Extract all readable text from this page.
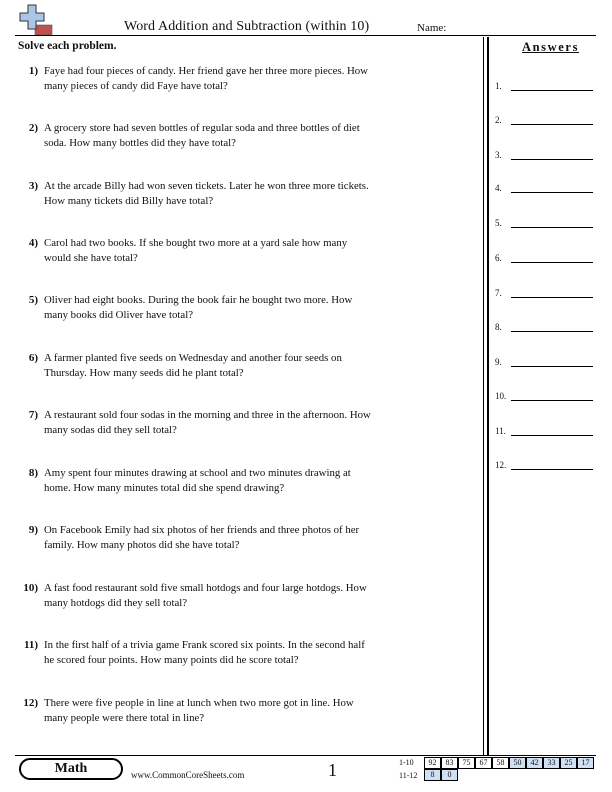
Word Addition and Subtraction (within 10)	Name:
Solve each problem.	Answers
1.
2.
3.
4.
5.
6.
7.
8.
9.
10.
11.
12.
1) Faye had four pieces of candy. Her friend gave her three more pieces. How many pieces of candy did Faye have total?
2) A grocery store had seven bottles of regular soda and three bottles of diet soda. How many bottles did they have total?
3) At the arcade Billy had won seven tickets. Later he won three more tickets. How many tickets did Billy have total?
4) Carol had two books. If she bought two more at a yard sale how many would she have total?
5) Oliver had eight books. During the book fair he bought two more. How many books did Oliver have total?
6) A farmer planted five seeds on Wednesday and another four seeds on Thursday. How many seeds did he plant total?
7) A restaurant sold four sodas in the morning and three in the afternoon. How many sodas did they sell total?
8) Amy spent four minutes drawing at school and two minutes drawing at home. How many minutes total did she spend drawing?
9) On Facebook Emily had six photos of her friends and three photos of her family. How many photos did she have total?
10) A fast food restaurant sold five small hotdogs and four large hotdogs. How many hotdogs did they sell total?
11) In the first half of a trivia game Frank scored six points. In the second half he scored four points. How many points did he score total?
12) There were five people in line at lunch when two more got in line. How many people were there total in line?
Math	www.CommonCoreSheets.com	1	1-10	92	83	75	67	58	50	42	33	25	17
11-12	8	0
